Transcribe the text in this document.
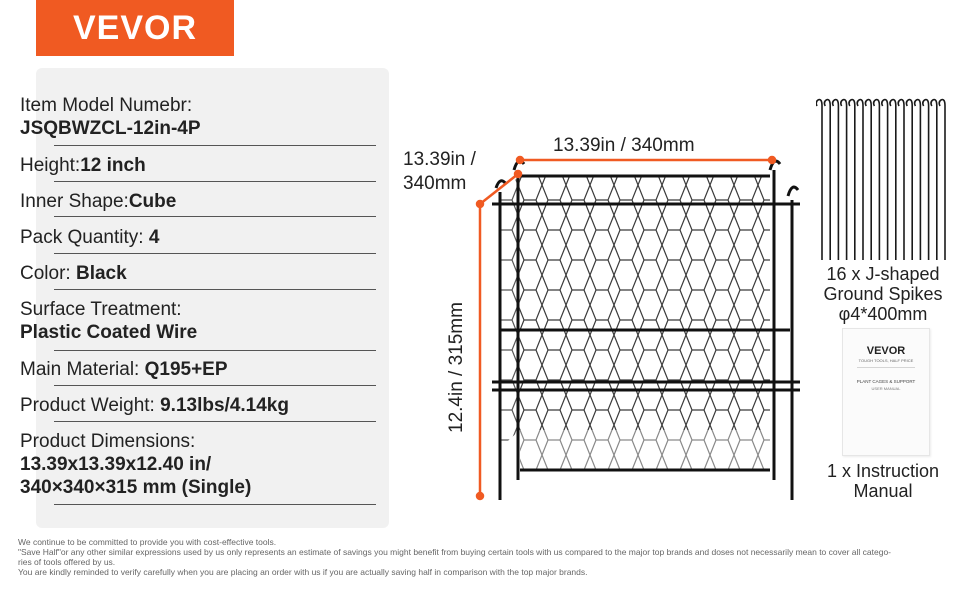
VEVOR
Item Model Numebr:
JSQBWZCL-12in-4P
Height:12 inch
Inner Shape:Cube
Pack Quantity: 4
Color: Black
Surface Treatment:
Plastic Coated Wire
Main Material: Q195+EP
Product Weight: 9.13lbs/4.14kg
Product Dimensions:
13.39x13.39x12.40 in/
340×340×315 mm (Single)
13.39in / 340mm
13.39in /
340mm
12.4in / 315mm
16 x J-shaped
Ground Spikes
φ4*400mm
VEVOR
TOUGH TOOLS, HALF PRICE
PLANT CAGES & SUPPORT
USER MANUAL
1 x Instruction
Manual
We continue to be committed to provide you with cost-effective tools.
"Save Half"or any other similar expressions used by us only represents an estimate of savings you might benefit from buying certain tools with us compared to the major top brands and doses not necessarily mean to cover all catego-
ries of tools offered by us.
You are kindly reminded to verify carefully when you are placing an order with us if you are actually saving half in comparison with the top major brands.
